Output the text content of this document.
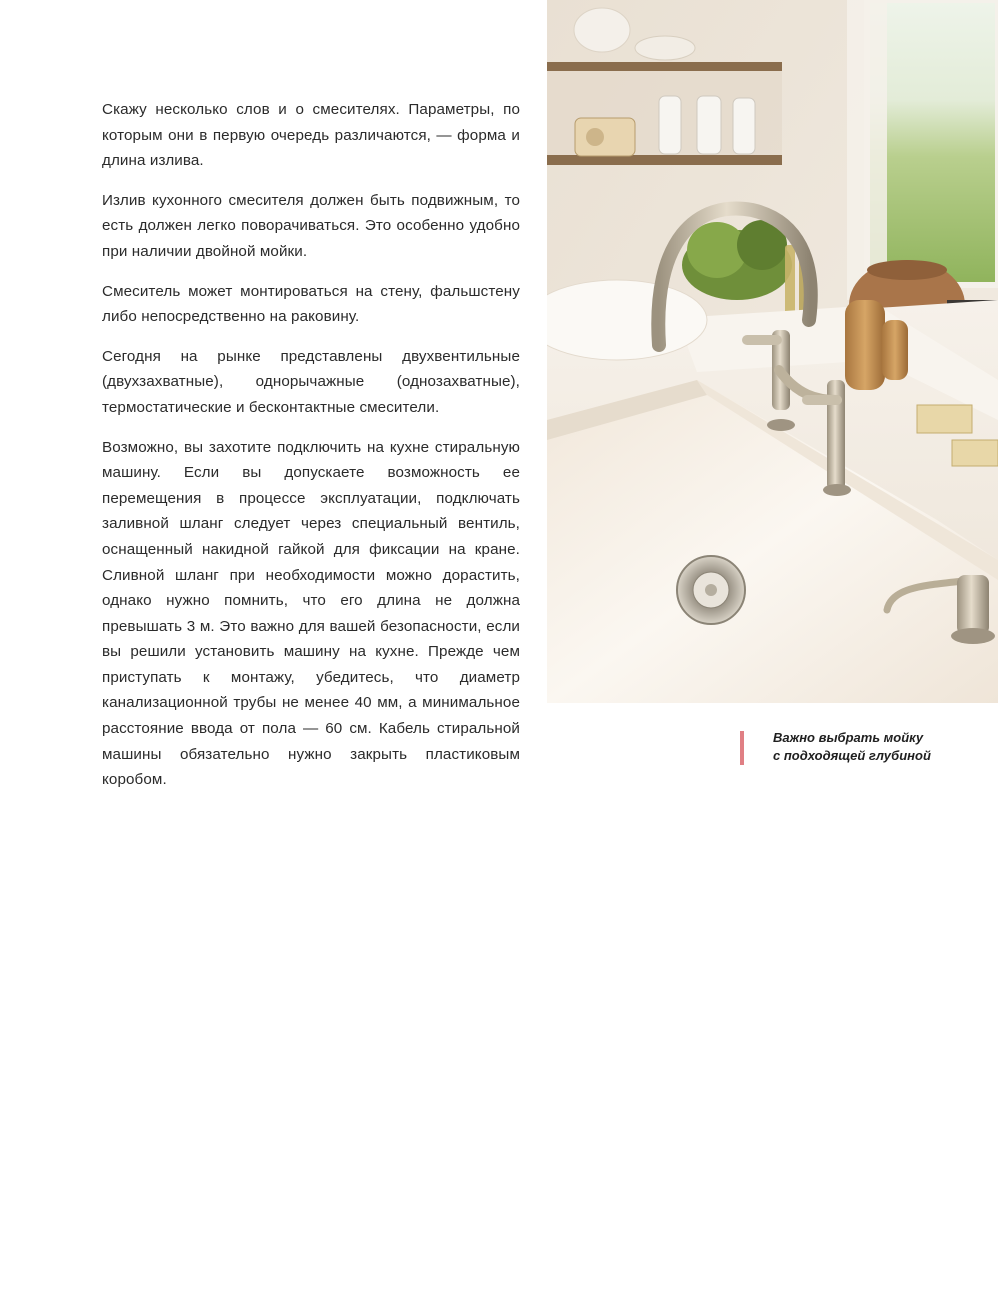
Скажу несколько слов и о смесителях. Параметры, по которым они в первую очередь различаются, — форма и длина излива.

Излив кухонного смесителя должен быть подвижным, то есть должен легко поворачиваться. Это особенно удобно при наличии двойной мойки.

Смеситель может монтироваться на стену, фальшстену либо непосредственно на раковину.

Сегодня на рынке представлены двухвентильные (двухзахватные), однорычажные (однозахватные), термостатические и бесконтактные смесители.

Возможно, вы захотите подключить на кухне стиральную машину. Если вы допускаете возможность ее перемещения в процессе эксплуатации, подключать заливной шланг следует через специальный вентиль, оснащенный накидной гайкой для фиксации на кране. Сливной шланг при необходимости можно дорастить, однако нужно помнить, что его длина не должна превышать 3 м. Это важно для вашей безопасности, если вы решили установить машину на кухне. Прежде чем приступать к монтажу, убедитесь, что диаметр канализационной трубы не менее 40 мм, а минимальное расстояние ввода от пола — 60 см. Кабель стиральной машины обязательно нужно закрыть пластиковым коробом.

Важно выбрать мойку
с подходящей глубиной
